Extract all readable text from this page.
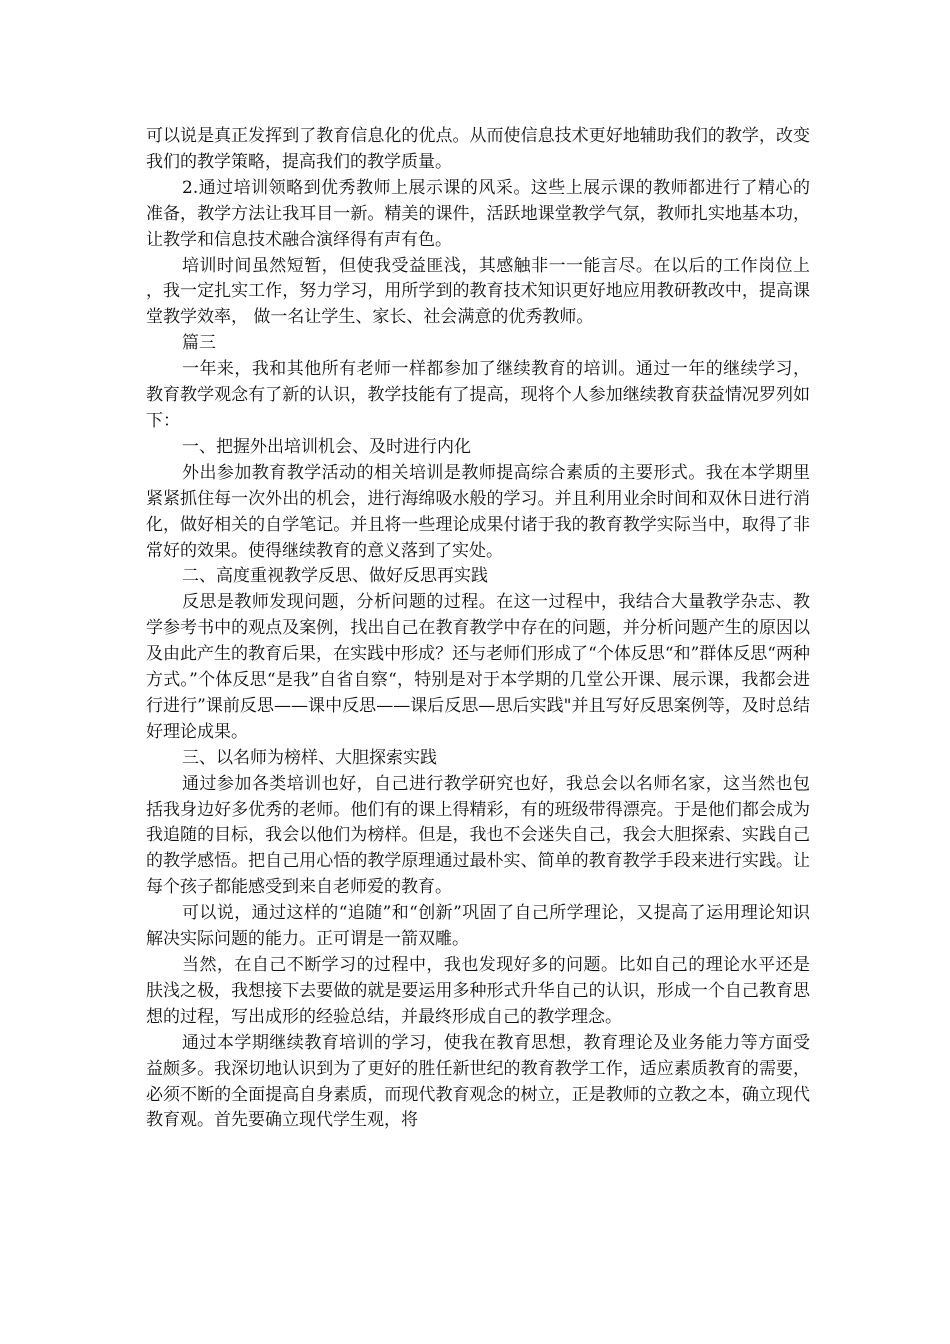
可以说是真正发挥到了教育信息化的优点。从而使信息技术更好地辅助我们的教学，改变我们的教学策略，提高我们的教学质量。

2.通过培训领略到优秀教师上展示课的风采。这些上展示课的教师都进行了精心的准备，教学方法让我耳目一新。精美的课件，活跃地课堂教学气氛，教师扎实地基本功，让教学和信息技术融合演绎得有声有色。

培训时间虽然短暂，但使我受益匪浅，其感触非一一能言尽。在以后的工作岗位上，我一定扎实工作，努力学习，用所学到的教育技术知识更好地应用教研教改中，提高课堂教学效率， 做一名让学生、家长、社会满意的优秀教师。

篇三

一年来，我和其他所有老师一样都参加了继续教育的培训。通过一年的继续学习，教育教学观念有了新的认识，教学技能有了提高，现将个人参加继续教育获益情况罗列如下：

一、把握外出培训机会、及时进行内化

外出参加教育教学活动的相关培训是教师提高综合素质的主要形式。我在本学期里紧紧抓住每一次外出的机会，进行海绵吸水般的学习。并且利用业余时间和双休日进行消化，做好相关的自学笔记。并且将一些理论成果付诸于我的教育教学实际当中，取得了非常好的效果。使得继续教育的意义落到了实处。

二、高度重视教学反思、做好反思再实践

反思是教师发现问题，分析问题的过程。在这一过程中，我结合大量教学杂志、教学参考书中的观点及案例，找出自己在教育教学中存在的问题，并分析问题产生的原因以及由此产生的教育后果，在实践中形成？还与老师们形成了“个体反思“和”群体反思“两种方式。”个体反思“是我”自省自察“，特别是对于本学期的几堂公开课、展示课，我都会进行进行”课前反思——课中反思——课后反思—思后实践"并且写好反思案例等，及时总结好理论成果。

三、以名师为榜样、大胆探索实践

通过参加各类培训也好，自己进行教学研究也好，我总会以名师名家，这当然也包括我身边好多优秀的老师。他们有的课上得精彩，有的班级带得漂亮。于是他们都会成为我追随的目标，我会以他们为榜样。但是，我也不会迷失自己，我会大胆探索、实践自己的教学感悟。把自己用心悟的教学原理通过最朴实、简单的教育教学手段来进行实践。让每个孩子都能感受到来自老师爱的教育。

可以说，通过这样的“追随”和“创新”巩固了自己所学理论，又提高了运用理论知识解决实际问题的能力。正可谓是一箭双雕。

当然，在自己不断学习的过程中，我也发现好多的问题。比如自己的理论水平还是肤浅之极，我想接下去要做的就是要运用多种形式升华自己的认识，形成一个自己教育思想的过程，写出成形的经验总结，并最终形成自己的教学理念。

通过本学期继续教育培训的学习，使我在教育思想，教育理论及业务能力等方面受益颇多。我深切地认识到为了更好的胜任新世纪的教育教学工作，适应素质教育的需要，必须不断的全面提高自身素质，而现代教育观念的树立，正是教师的立教之本，确立现代教育观。首先要确立现代学生观，将
